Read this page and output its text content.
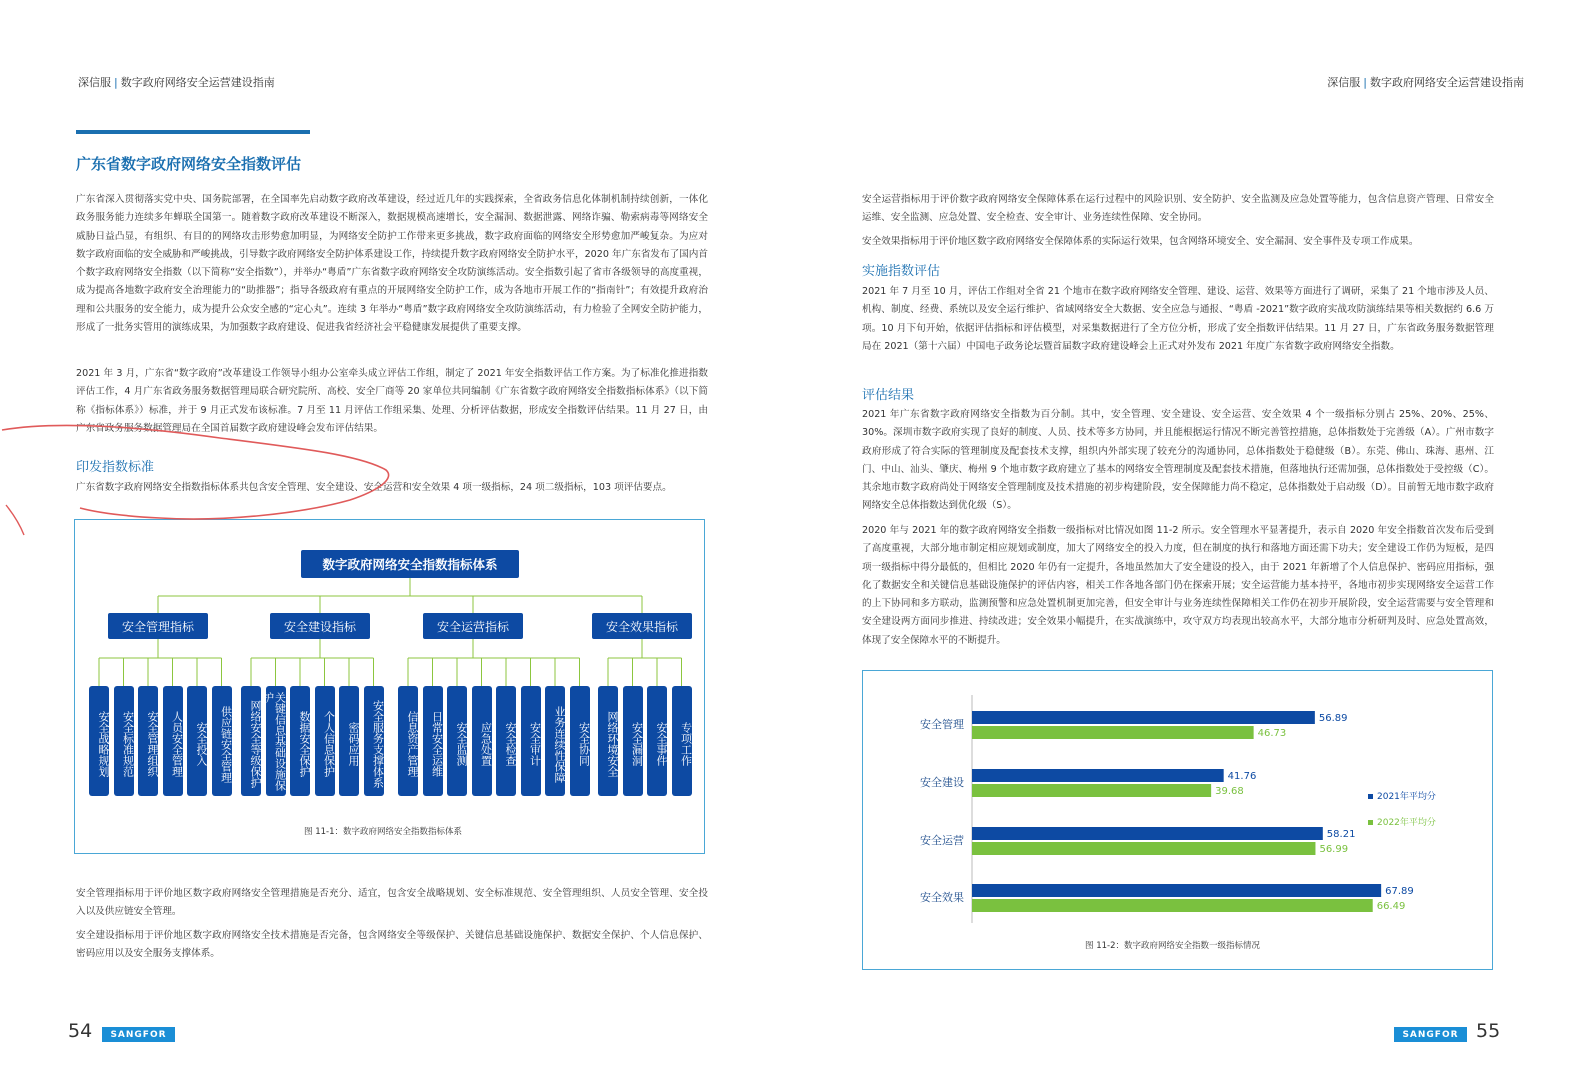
深信服 | 数字政府网络安全运营建设指南
广东省数字政府网络安全指数评估
广东省深入贯彻落实党中央、国务院部署，在全国率先启动数字政府改革建设，经过近几年的实践探索，全省政务信息化体制机制持续创新，一体化政务服务能力连续多年蝉联全国第一。随着数字政府改革建设不断深入，数据规模高速增长，安全漏洞、数据泄露、网络诈骗、勒索病毒等网络安全威胁日益凸显，有组织、有目的的网络攻击形势愈加明显，为网络安全防护工作带来更多挑战，数字政府面临的网络安全形势愈加严峻复杂。为应对数字政府面临的安全威胁和严峻挑战，引导数字政府网络安全防护体系建设工作，持续提升数字政府网络安全防护水平，2020 年广东省发布了国内首个数字政府网络安全指数（以下简称“安全指数”），并举办“粤盾”广东省数字政府网络安全攻防演练活动。安全指数引起了省市各级领导的高度重视，成为提高各地数字政府安全治理能力的“助推器”；指导各级政府有重点的开展网络安全防护工作，成为各地市开展工作的“指南针”；有效提升政府治理和公共服务的安全能力，成为提升公众安全感的“定心丸”。连续 3 年举办“粤盾”数字政府网络安全攻防演练活动，有力检验了全网安全防护能力，形成了一批务实管用的演练成果，为加强数字政府建设、促进我省经济社会平稳健康发展提供了重要支撑。
2021 年 3 月，广东省“数字政府”改革建设工作领导小组办公室牵头成立评估工作组，制定了 2021 年安全指数评估工作方案。为了标准化推进指数评估工作，4 月广东省政务服务数据管理局联合研究院所、高校、安全厂商等 20 家单位共同编制《广东省数字政府网络安全指数指标体系》（以下简称《指标体系》）标准，并于 9 月正式发布该标准。7 月至 11 月评估工作组采集、处理、分析评估数据，形成安全指数评估结果。11 月 27 日，由广东省政务服务数据管理局在全国首届数字政府建设峰会发布评估结果。
印发指数标准
广东省数字政府网络安全指数指标体系共包含安全管理、安全建设、安全运营和安全效果 4 项一级指标，24 项二级指标，103 项评估要点。
数字政府网络安全指数指标体系
安全管理指标	安全建设指标	安全运营指标	安全效果指标
安全战略规划	安全标准规范	安全管理组织	人员安全管理	安全投入	供应链安全管理	网络安全等级保护	关键信息基础设施保护
数据安全保护	个人信息保护	密码应用	安全服务支撑体系	信息资产管理	日常安全运维	安全监测	应急处置	安全检查	安全审计	业务连续性保障	安全协同	网络环境安全	安全漏洞	安全事件	专项工作
图 11-1：数字政府网络安全指数指标体系
安全管理指标用于评价地区数字政府网络安全管理措施是否充分、适宜，包含安全战略规划、安全标准规范、安全管理组织、人员安全管理、安全投入以及供应链安全管理。
安全建设指标用于评价地区数字政府网络安全技术措施是否完备，包含网络安全等级保护、关键信息基础设施保护、数据安全保护、个人信息保护、密码应用以及安全服务支撑体系。
54	SANGFOR
深信服 | 数字政府网络安全运营建设指南
安全运营指标用于评价数字政府网络安全保障体系在运行过程中的风险识别、安全防护、安全监测及应急处置等能力，包含信息资产管理、日常安全运维、安全监测、应急处置、安全检查、安全审计、业务连续性保障、安全协同。
安全效果指标用于评价地区数字政府网络安全保障体系的实际运行效果，包含网络环境安全、安全漏洞、安全事件及专项工作成果。
实施指数评估
2021 年 7 月至 10 月，评估工作组对全省 21 个地市在数字政府网络安全管理、建设、运营、效果等方面进行了调研，采集了 21 个地市涉及人员、机构、制度、经费、系统以及安全运行维护、省域网络安全大数据、安全应急与通报、“粤盾 -2021”数字政府实战攻防演练结果等相关数据约 6.6 万项。10 月下旬开始，依据评估指标和评估模型，对采集数据进行了全方位分析，形成了安全指数评估结果。11 月 27 日，广东省政务服务数据管理局在 2021（第十六届）中国电子政务论坛暨首届数字政府建设峰会上正式对外发布 2021 年度广东省数字政府网络安全指数。
评估结果
2021 年广东省数字政府网络安全指数为百分制。其中，安全管理、安全建设、安全运营、安全效果 4 个一级指标分别占 25%、20%、25%、30%。深圳市数字政府实现了良好的制度、人员、技术等多方协同，并且能根据运行情况不断完善管控措施，总体指数处于完善级（A）。广州市数字政府形成了符合实际的管理制度及配套技术支撑，组织内外部实现了较充分的沟通协同，总体指数处于稳健级（B）。东莞、佛山、珠海、惠州、江门、中山、汕头、肇庆、梅州 9 个地市数字政府建立了基本的网络安全管理制度及配套技术措施，但落地执行还需加强，总体指数处于受控级（C）。其余地市数字政府尚处于网络安全管理制度及技术措施的初步构建阶段，安全保障能力尚不稳定，总体指数处于启动级（D）。目前暂无地市数字政府网络安全总体指数达到优化级（S）。
2020 年与 2021 年的数字政府网络安全指数一级指标对比情况如图 11-2 所示。安全管理水平显著提升，表示自 2020 年安全指数首次发布后受到了高度重视，大部分地市制定相应规划或制度，加大了网络安全的投入力度，但在制度的执行和落地方面还需下功夫；安全建设工作仍为短板，是四项一级指标中得分最低的，但相比 2020 年仍有一定提升，各地虽然加大了安全建设的投入，由于 2021 年新增了个人信息保护、密码应用指标，强化了数据安全和关键信息基础设施保护的评估内容，相关工作各地各部门仍在探索开展；安全运营能力基本持平，各地市初步实现网络安全运营工作的上下协同和多方联动，监测预警和应急处置机制更加完善，但安全审计与业务连续性保障相关工作仍在初步开展阶段，安全运营需要与安全管理和安全建设两方面同步推进、持续改进；安全效果小幅提升，在实战演练中，攻守双方均表现出较高水平，大部分地市分析研判及时、应急处置高效，体现了安全保障水平的不断提升。
安全管理	56.89
46.73
安全建设	41.76
39.68
安全运营	58.21
56.99
安全效果	67.89
66.49
2021年平均分
2022年平均分
图 11-2：数字政府网络安全指数一级指标情况
SANGFOR 55
